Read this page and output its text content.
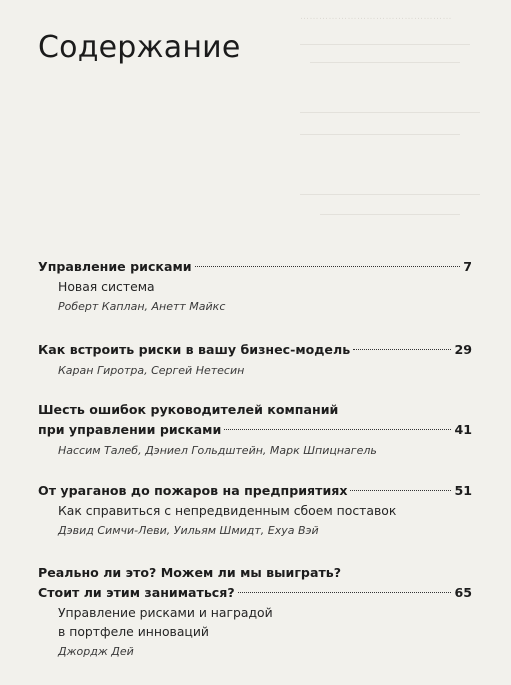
…………………………………………
Содержание
Управление рисками	7
Новая система
Роберт Каплан, Анетт Майкс
Как встроить риски в вашу бизнес-модель	29
Каран Гиротра, Сергей Нетесин
Шесть ошибок руководителей компаний
при управлении рисками	41
Нассим Талеб, Дэниел Гольдштейн, Марк Шпицнагель
От ураганов до пожаров на предприятиях	51
Как справиться с непредвиденным сбоем поставок
Дэвид Симчи-Леви, Уильям Шмидт, Ехуа Вэй
Реально ли это? Можем ли мы выиграть?
Стоит ли этим заниматься?	65
Управление рисками и наградой
в портфеле инноваций
Джордж Дей
